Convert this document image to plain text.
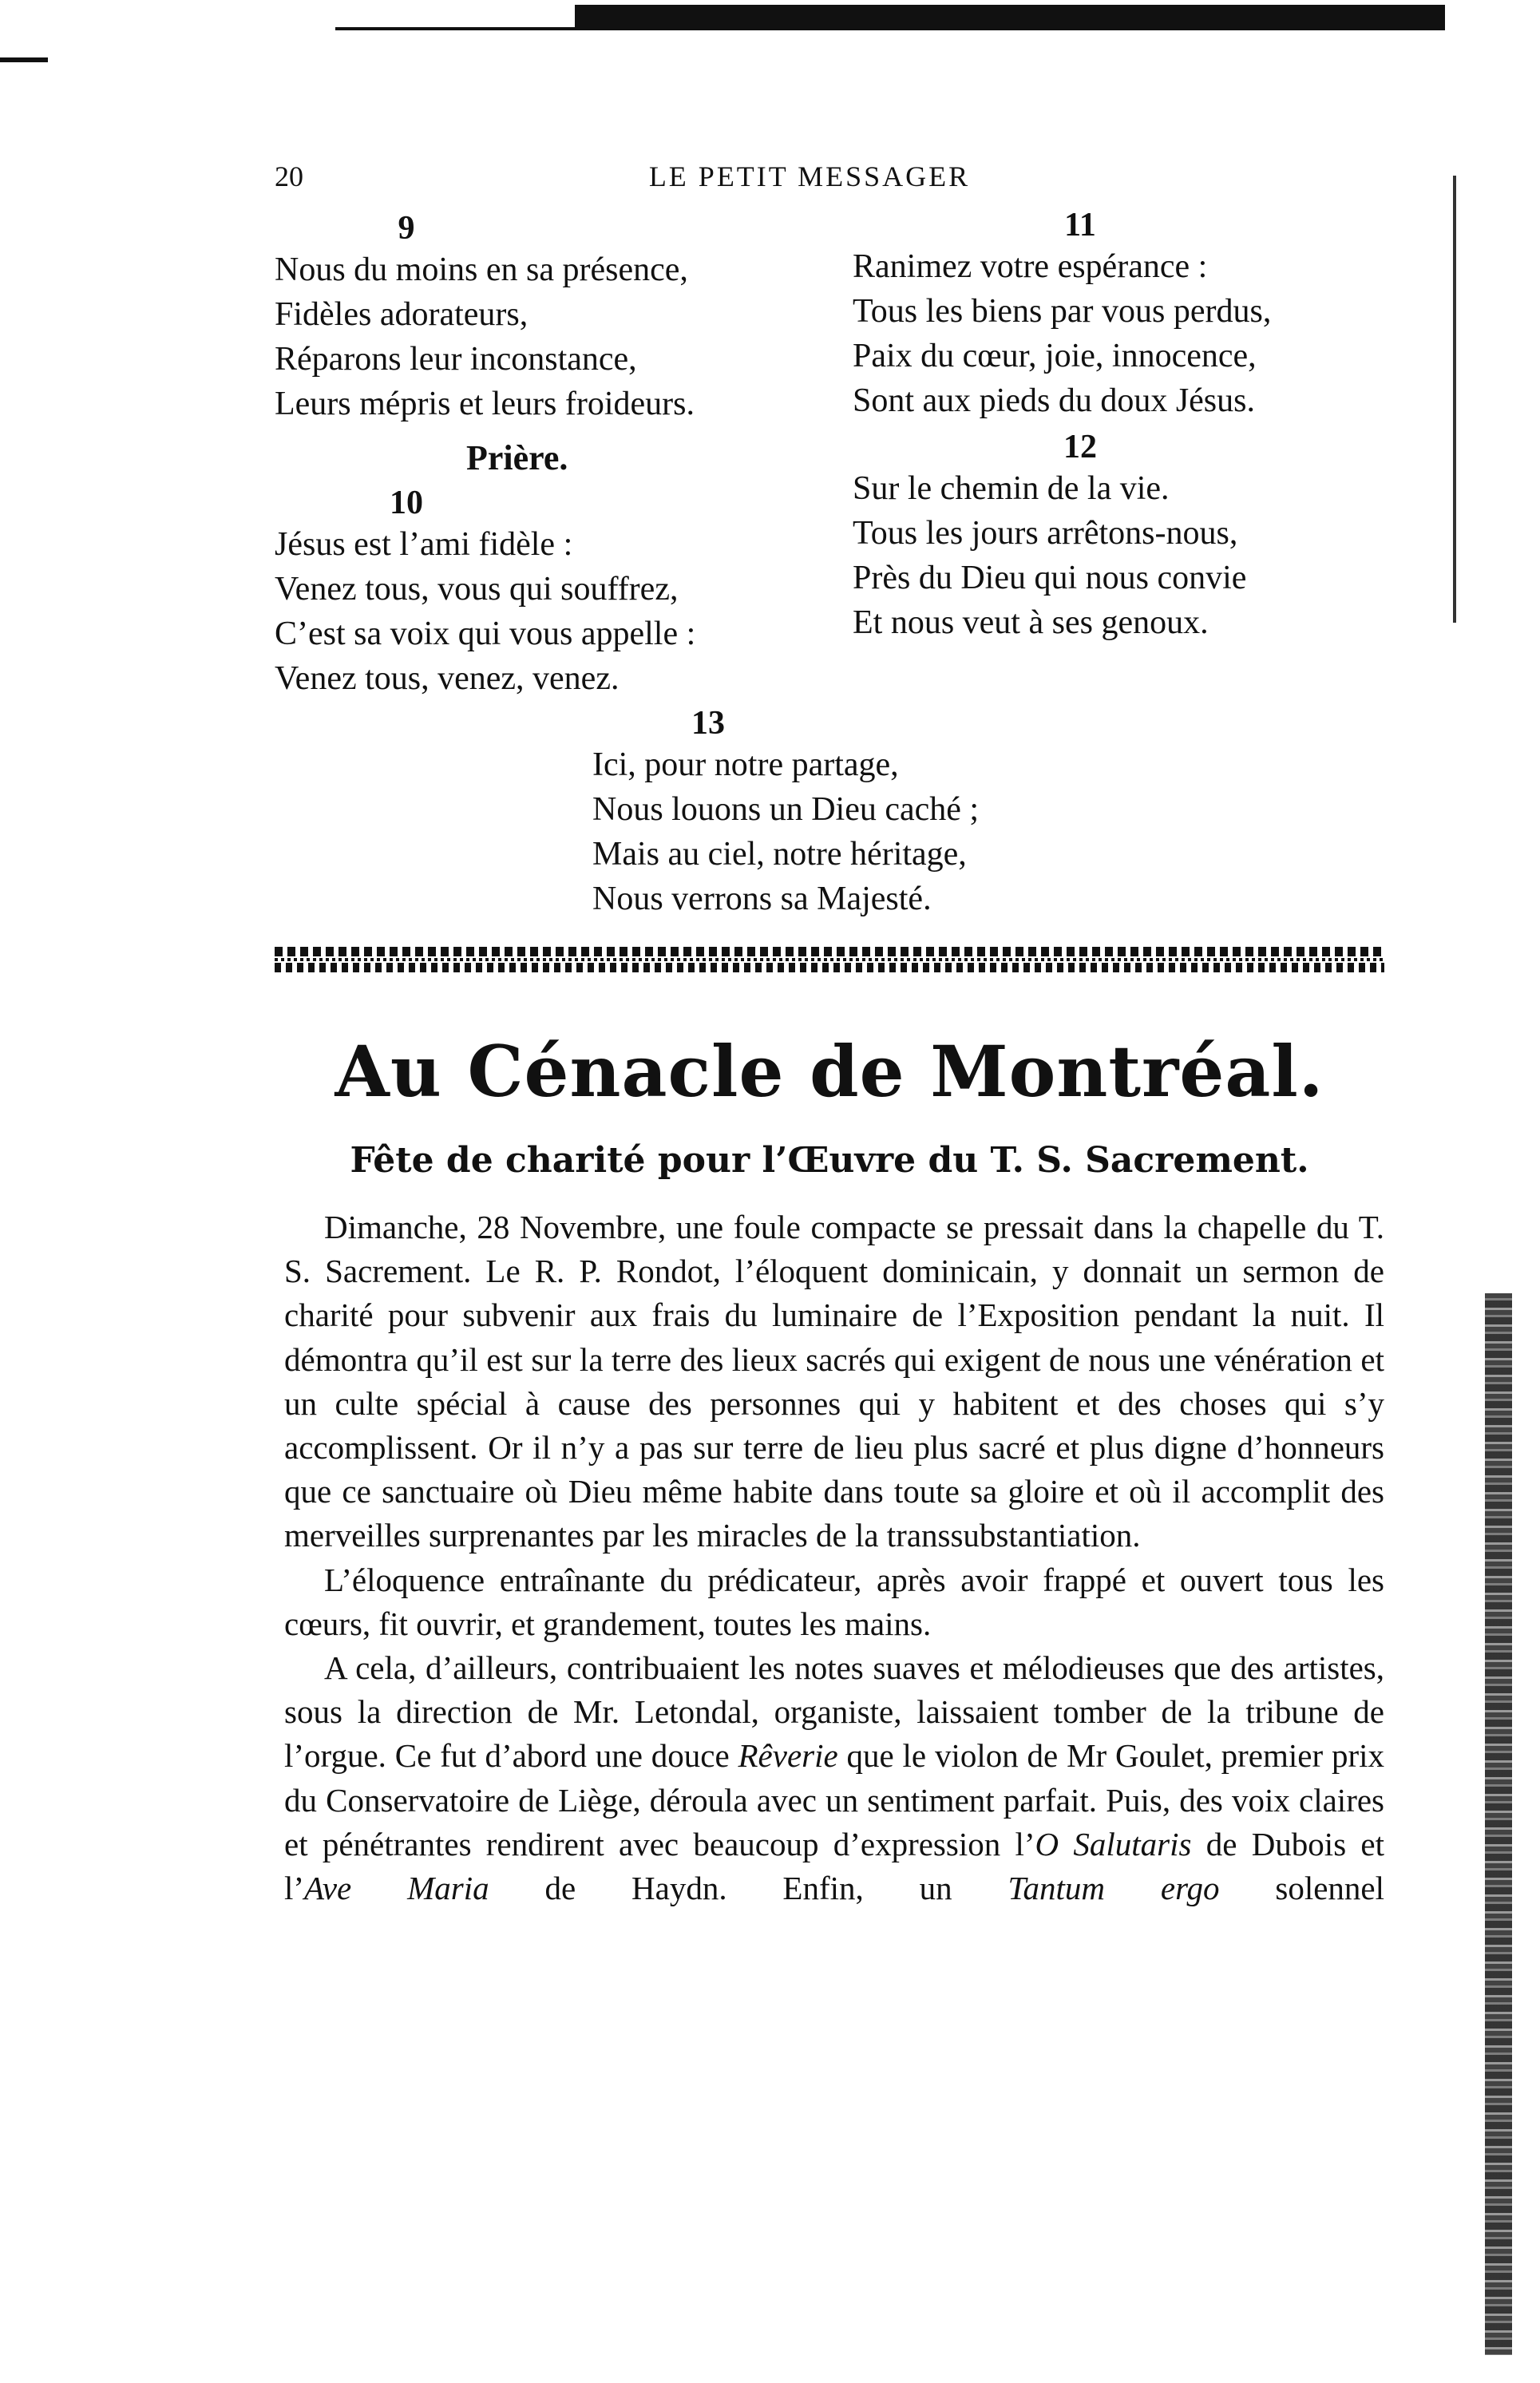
20	LE PETIT MESSAGER
9
Nous du moins en sa présence,
Fidèles adorateurs,
Réparons leur inconstance,
Leurs mépris et leurs froideurs.
Prière.
10
Jésus est l’ami fidèle :
Venez tous, vous qui souffrez,
C’est sa voix qui vous appelle :
Venez tous, venez, venez.
11
Ranimez votre espérance :
Tous les biens par vous perdus,
Paix du cœur, joie, innocence,
Sont aux pieds du doux Jésus.
12
Sur le chemin de la vie.
Tous les jours arrêtons-nous,
Près du Dieu qui nous convie
Et nous veut à ses genoux.
13
Ici, pour notre partage,
Nous louons un Dieu caché ;
Mais au ciel, notre héritage,
Nous verrons sa Majesté.
Au Cénacle de Montréal.
Fête de charité pour l’Œuvre du T. S. Sacrement.

Dimanche, 28 Novembre, une foule compacte se pressait dans la chapelle du T. S. Sacrement. Le R. P. Rondot, l’éloquent dominicain, y donnait un sermon de charité pour subvenir aux frais du luminaire de l’Exposition pendant la nuit. Il démontra qu’il est sur la terre des lieux sacrés qui exigent de nous une vénération et un culte spécial à cause des personnes qui y habitent et des choses qui s’y accomplissent. Or il n’y a pas sur terre de lieu plus sacré et plus digne d’honneurs que ce sanctuaire où Dieu même habite dans toute sa gloire et où il accomplit des merveilles surprenantes par les miracles de la transsubstantiation.

L’éloquence entraînante du prédicateur, après avoir frappé et ouvert tous les cœurs, fit ouvrir, et grandement, toutes les mains.

A cela, d’ailleurs, contribuaient les notes suaves et mélodieuses que des artistes, sous la direction de Mr. Letondal, organiste, laissaient tomber de la tribune de l’orgue. Ce fut d’abord une douce Rêverie que le violon de Mr Goulet, premier prix du Conservatoire de Liège, déroula avec un sentiment parfait. Puis, des voix claires et pénétrantes rendirent avec beaucoup d’expression l’O Salutaris de Dubois et l’Ave Maria de Haydn. Enfin, un Tantum ergo solennel
